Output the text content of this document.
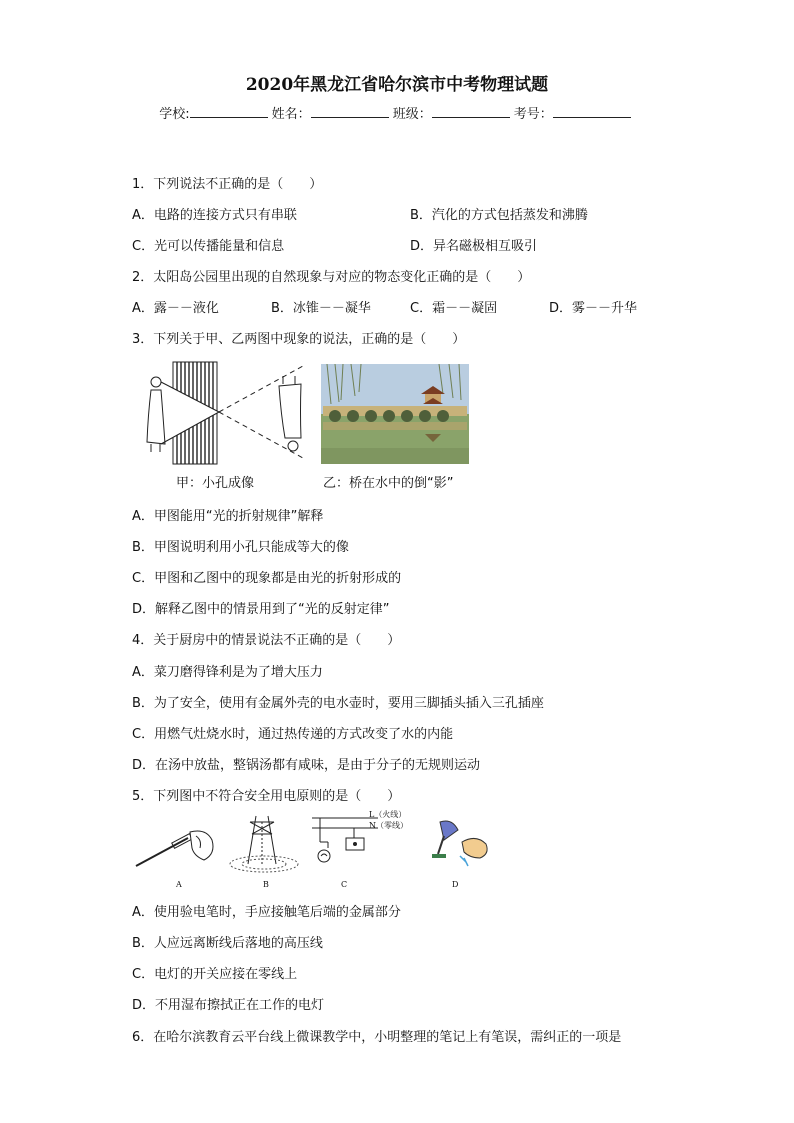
2020年黑龙江省哈尔滨市中考物理试题
学校:	姓名：	班级：	考号：
1．下列说法不正确的是（　　）
A．电路的连接方式只有串联	B．汽化的方式包括蒸发和沸腾
C．光可以传播能量和信息	D．异名磁极相互吸引
2．太阳岛公园里出现的自然现象与对应的物态变化正确的是（　　）
A．露－－液化	B．冰锥－－凝华	C．霜－－凝固	D．雾－－升华
3．下列关于甲、乙两图中现象的说法，正确的是（　　）
甲：小孔成像	乙：桥在水中的倒“影”
A．甲图能用“光的折射规律”解释
B．甲图说明利用小孔只能成等大的像
C．甲图和乙图中的现象都是由光的折射形成的
D．解释乙图中的情景用到了“光的反射定律”
4．关于厨房中的情景说法不正确的是（　　）
A．菜刀磨得锋利是为了增大压力
B．为了安全，使用有金属外壳的电水壶时，要用三脚插头插入三孔插座
C．用燃气灶烧水时，通过热传递的方式改变了水的内能
D．在汤中放盐，整锅汤都有咸味，是由于分子的无规则运动
5．下列图中不符合安全用电原则的是（　　）
A	B
L（火线）
N（零线）
C	D
A．使用验电笔时，手应接触笔后端的金属部分
B．人应远离断线后落地的高压线
C．电灯的开关应接在零线上
D．不用湿布擦拭正在工作的电灯
6．在哈尔滨教育云平台线上微课教学中，小明整理的笔记上有笔误，需纠正的一项是
